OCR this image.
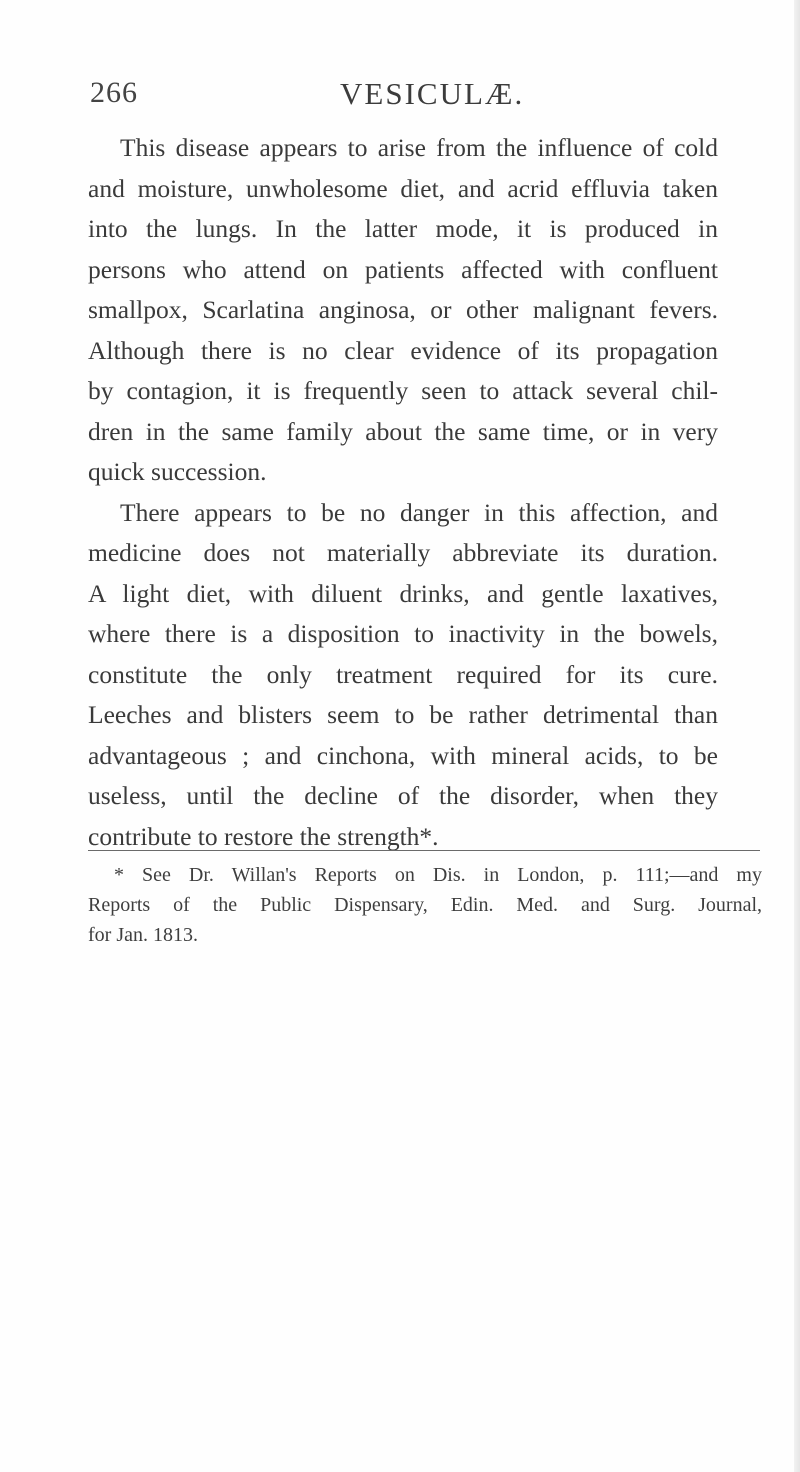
266	VESICULÆ.
This disease appears to arise from the influence of cold
and moisture, unwholesome diet, and acrid effluvia taken
into the lungs. In the latter mode, it is produced in
persons who attend on patients affected with confluent
smallpox, Scarlatina anginosa, or other malignant fevers.
Although there is no clear evidence of its propagation
by contagion, it is frequently seen to attack several chil-
dren in the same family about the same time, or in very
quick succession.
There appears to be no danger in this affection, and
medicine does not materially abbreviate its duration.
A light diet, with diluent drinks, and gentle laxatives,
where there is a disposition to inactivity in the bowels,
constitute the only treatment required for its cure.
Leeches and blisters seem to be rather detrimental than
advantageous ; and cinchona, with mineral acids, to be
useless, until the decline of the disorder, when they
contribute to restore the strength*.
* See Dr. Willan's Reports on Dis. in London, p. 111;—and my
Reports of the Public Dispensary, Edin. Med. and Surg. Journal,
for Jan. 1813.
